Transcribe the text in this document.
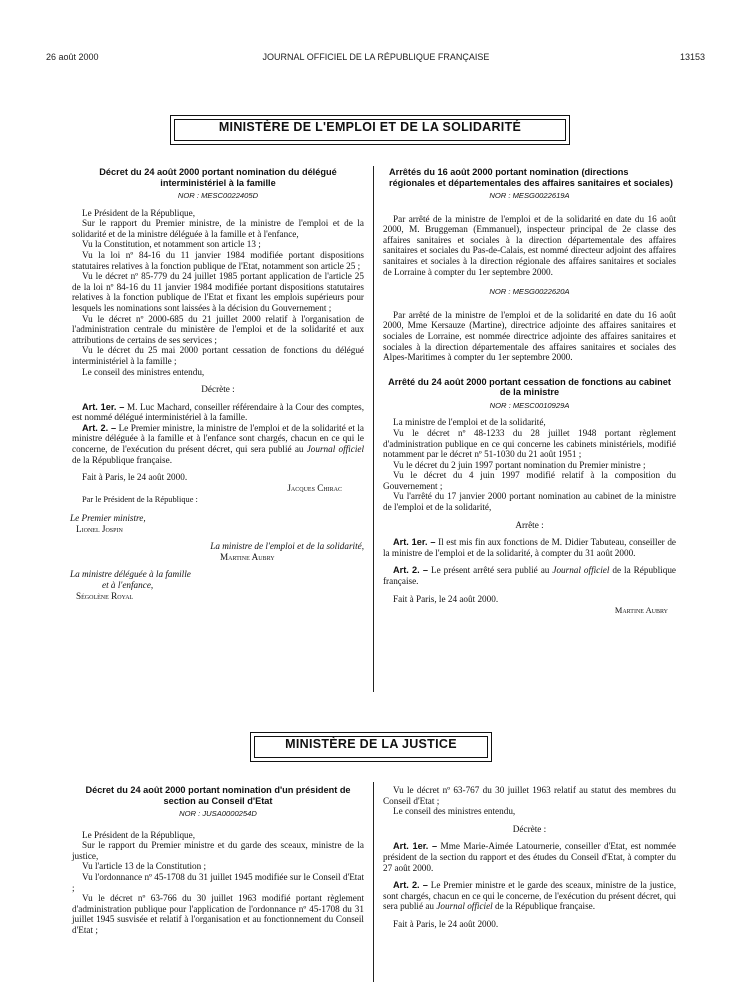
26 août 2000	JOURNAL OFFICIEL DE LA RÉPUBLIQUE FRANÇAISE	13153
MINISTÈRE DE L'EMPLOI ET DE LA SOLIDARITÉ

Décret du 24 août 2000 portant nomination du délégué interministériel à la famille

NOR : MESC0022405D

Le Président de la République,

Sur le rapport du Premier ministre, de la ministre de l'emploi et de la solidarité et de la ministre déléguée à la famille et à l'enfance,

Vu la Constitution, et notamment son article 13 ;

Vu la loi nº 84-16 du 11 janvier 1984 modifiée portant dispositions statutaires relatives à la fonction publique de l'Etat, notamment son article 25 ;

Vu le décret nº 85-779 du 24 juillet 1985 portant application de l'article 25 de la loi nº 84-16 du 11 janvier 1984 modifiée portant dispositions statutaires relatives à la fonction publique de l'Etat et fixant les emplois supérieurs pour lesquels les nominations sont laissées à la décision du Gouvernement ;

Vu le décret nº 2000-685 du 21 juillet 2000 relatif à l'organisation de l'administration centrale du ministère de l'emploi et de la solidarité et aux attributions de certains de ses services ;

Vu le décret du 25 mai 2000 portant cessation de fonctions du délégué interministériel à la famille ;

Le conseil des ministres entendu,

Décrète :

Art. 1er. – M. Luc Machard, conseiller référendaire à la Cour des comptes, est nommé délégué interministériel à la famille.

Art. 2. – Le Premier ministre, la ministre de l'emploi et de la solidarité et la ministre déléguée à la famille et à l'enfance sont chargés, chacun en ce qui le concerne, de l'exécution du présent décret, qui sera publié au Journal officiel de la République française.

Fait à Paris, le 24 août 2000.

Jacques Chirac

Par le Président de la République :

Le Premier ministre,

Lionel Jospin

La ministre de l'emploi et de la solidarité,

Martine Aubry

La ministre déléguée à la famille

et à l'enfance,

Ségolène Royal

Arrêtés du 16 août 2000 portant nomination (directions régionales et départementales des affaires sanitaires et sociales)

NOR : MESG0022619A

Par arrêté de la ministre de l'emploi et de la solidarité en date du 16 août 2000, M. Bruggeman (Emmanuel), inspecteur principal de 2e classe des affaires sanitaires et sociales à la direction départementale des affaires sanitaires et sociales du Pas-de-Calais, est nommé directeur adjoint des affaires sanitaires et sociales à la direction régionale des affaires sanitaires et sociales de Lorraine à compter du 1er septembre 2000.

NOR : MESG0022620A

Par arrêté de la ministre de l'emploi et de la solidarité en date du 16 août 2000, Mme Kersauze (Martine), directrice adjointe des affaires sanitaires et sociales de Lorraine, est nommée directrice adjointe des affaires sanitaires et sociales à la direction départementale des affaires sanitaires et sociales des Alpes-Maritimes à compter du 1er septembre 2000.

Arrêté du 24 août 2000 portant cessation de fonctions au cabinet de la ministre

NOR : MESC0010929A

La ministre de l'emploi et de la solidarité,

Vu le décret nº 48-1233 du 28 juillet 1948 portant règlement d'administration publique en ce qui concerne les cabinets ministériels, modifié notamment par le décret nº 51-1030 du 21 août 1951 ;

Vu le décret du 2 juin 1997 portant nomination du Premier ministre ;

Vu le décret du 4 juin 1997 modifié relatif à la composition du Gouvernement ;

Vu l'arrêté du 17 janvier 2000 portant nomination au cabinet de la ministre de l'emploi et de la solidarité,

Arrête :

Art. 1er. – Il est mis fin aux fonctions de M. Didier Tabuteau, conseiller de la ministre de l'emploi et de la solidarité, à compter du 31 août 2000.

Art. 2. – Le présent arrêté sera publié au Journal officiel de la République française.

Fait à Paris, le 24 août 2000.

Martine Aubry

MINISTÈRE DE LA JUSTICE

Décret du 24 août 2000 portant nomination d'un président de section au Conseil d'Etat

NOR : JUSA0000254D

Le Président de la République,

Sur le rapport du Premier ministre et du garde des sceaux, ministre de la justice,

Vu l'article 13 de la Constitution ;

Vu l'ordonnance nº 45-1708 du 31 juillet 1945 modifiée sur le Conseil d'Etat ;

Vu le décret nº 63-766 du 30 juillet 1963 modifié portant règlement d'administration publique pour l'application de l'ordonnance nº 45-1708 du 31 juillet 1945 susvisée et relatif à l'organisation et au fonctionnement du Conseil d'Etat ;

Vu le décret nº 63-767 du 30 juillet 1963 relatif au statut des membres du Conseil d'Etat ;

Le conseil des ministres entendu,

Décrète :

Art. 1er. – Mme Marie-Aimée Latournerie, conseiller d'Etat, est nommée président de la section du rapport et des études du Conseil d'Etat, à compter du 27 août 2000.

Art. 2. – Le Premier ministre et le garde des sceaux, ministre de la justice, sont chargés, chacun en ce qui le concerne, de l'exécution du présent décret, qui sera publié au Journal officiel de la République française.

Fait à Paris, le 24 août 2000.
